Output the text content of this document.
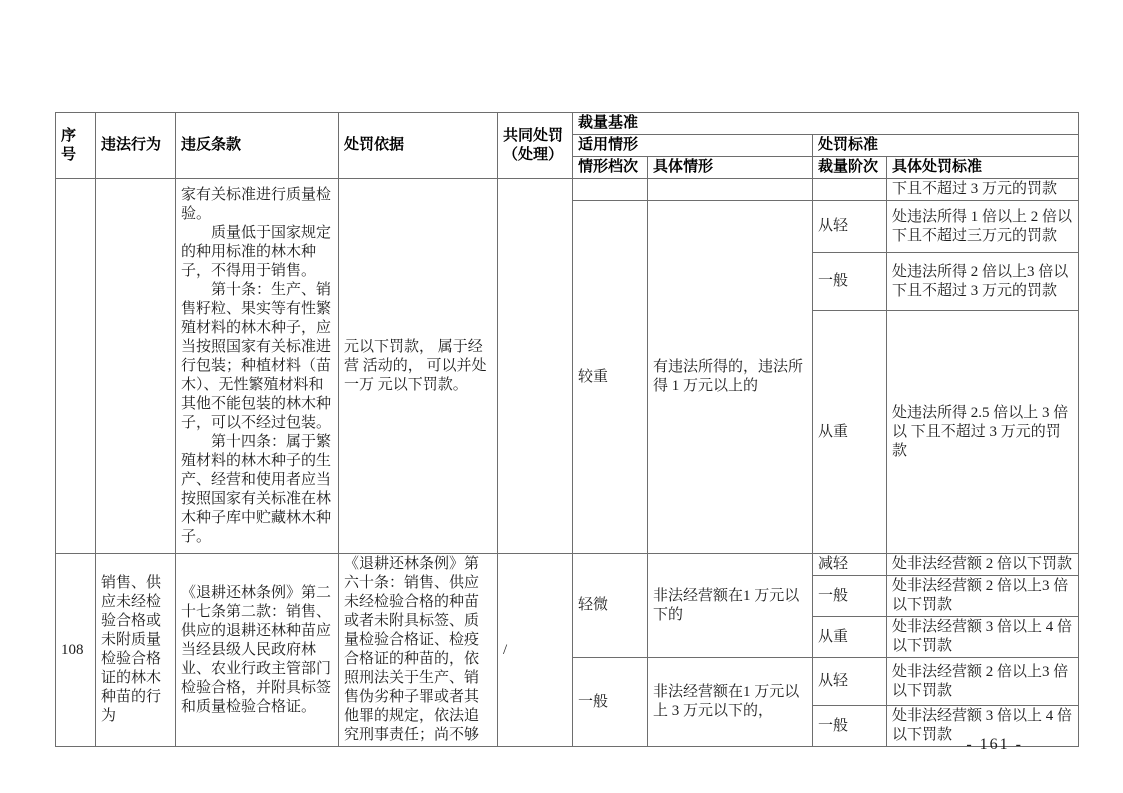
序号	违法行为	违反条款	处罚依据	共同处罚（处理）	裁量基准			
					适用情形		处罚标准	
					情形档次	具体情形	裁量阶次	具体处罚标准

		家有关标准进行质量检验。
质量低于国家规定的种用标准的林木种子，不得用于销售。
第十条：生产、销售籽粒、果实等有性繁殖材料的林木种子，应当按照国家有关标准进行包装；种植材料（苗木）、无性繁殖材料和其他不能包装的林木种子，可以不经过包装。
第十四条：属于繁殖材料的林木种子的生产、经营和使用者应当按照国家有关标准在林木种子库中贮藏林木种子。	元以下罚款， 属于经营 活动的， 可以并处一万 元以下罚款。					下且不超过 3 万元的罚款
					较重	有违法所得的，违法所得 1 万元以上的	从轻	处违法所得 1 倍以上 2 倍以 下且不超过三万元的罚款
							一般	处违法所得 2 倍以上3 倍以 下且不超过 3 万元的罚款
							从重	处违法所得 2.5 倍以上 3 倍以 下且不超过 3 万元的罚款
108	销售、供应未经检验合格或未附质量检验合格证的林木种苗的行为	《退耕还林条例》第二十七条第二款：销售、供应的退耕还林种苗应当经县级人民政府林业、农业行政主管部门检验合格，并附具标签和质量检验合格证。	《退耕还林条例》第六十条：销售、供应未经检验合格的种苗或者未附具标签、质量检验合格证、检疫合格证的种苗的，依照刑法关于生产、销售伪劣种子罪或者其他罪的规定，依法追究刑事责任；尚不够	/	轻微	非法经营额在1 万元以下的	减轻	处非法经营额 2 倍以下罚款
							一般	处非法经营额 2 倍以上3 倍 以下罚款
							从重	处非法经营额 3 倍以上 4 倍 以下罚款
					一般	非法经营额在1 万元以上 3 万元以下的，	从轻	处非法经营额 2 倍以上3 倍 以下罚款
							一般	处非法经营额 3 倍以上 4 倍 以下罚款
- 161 -
